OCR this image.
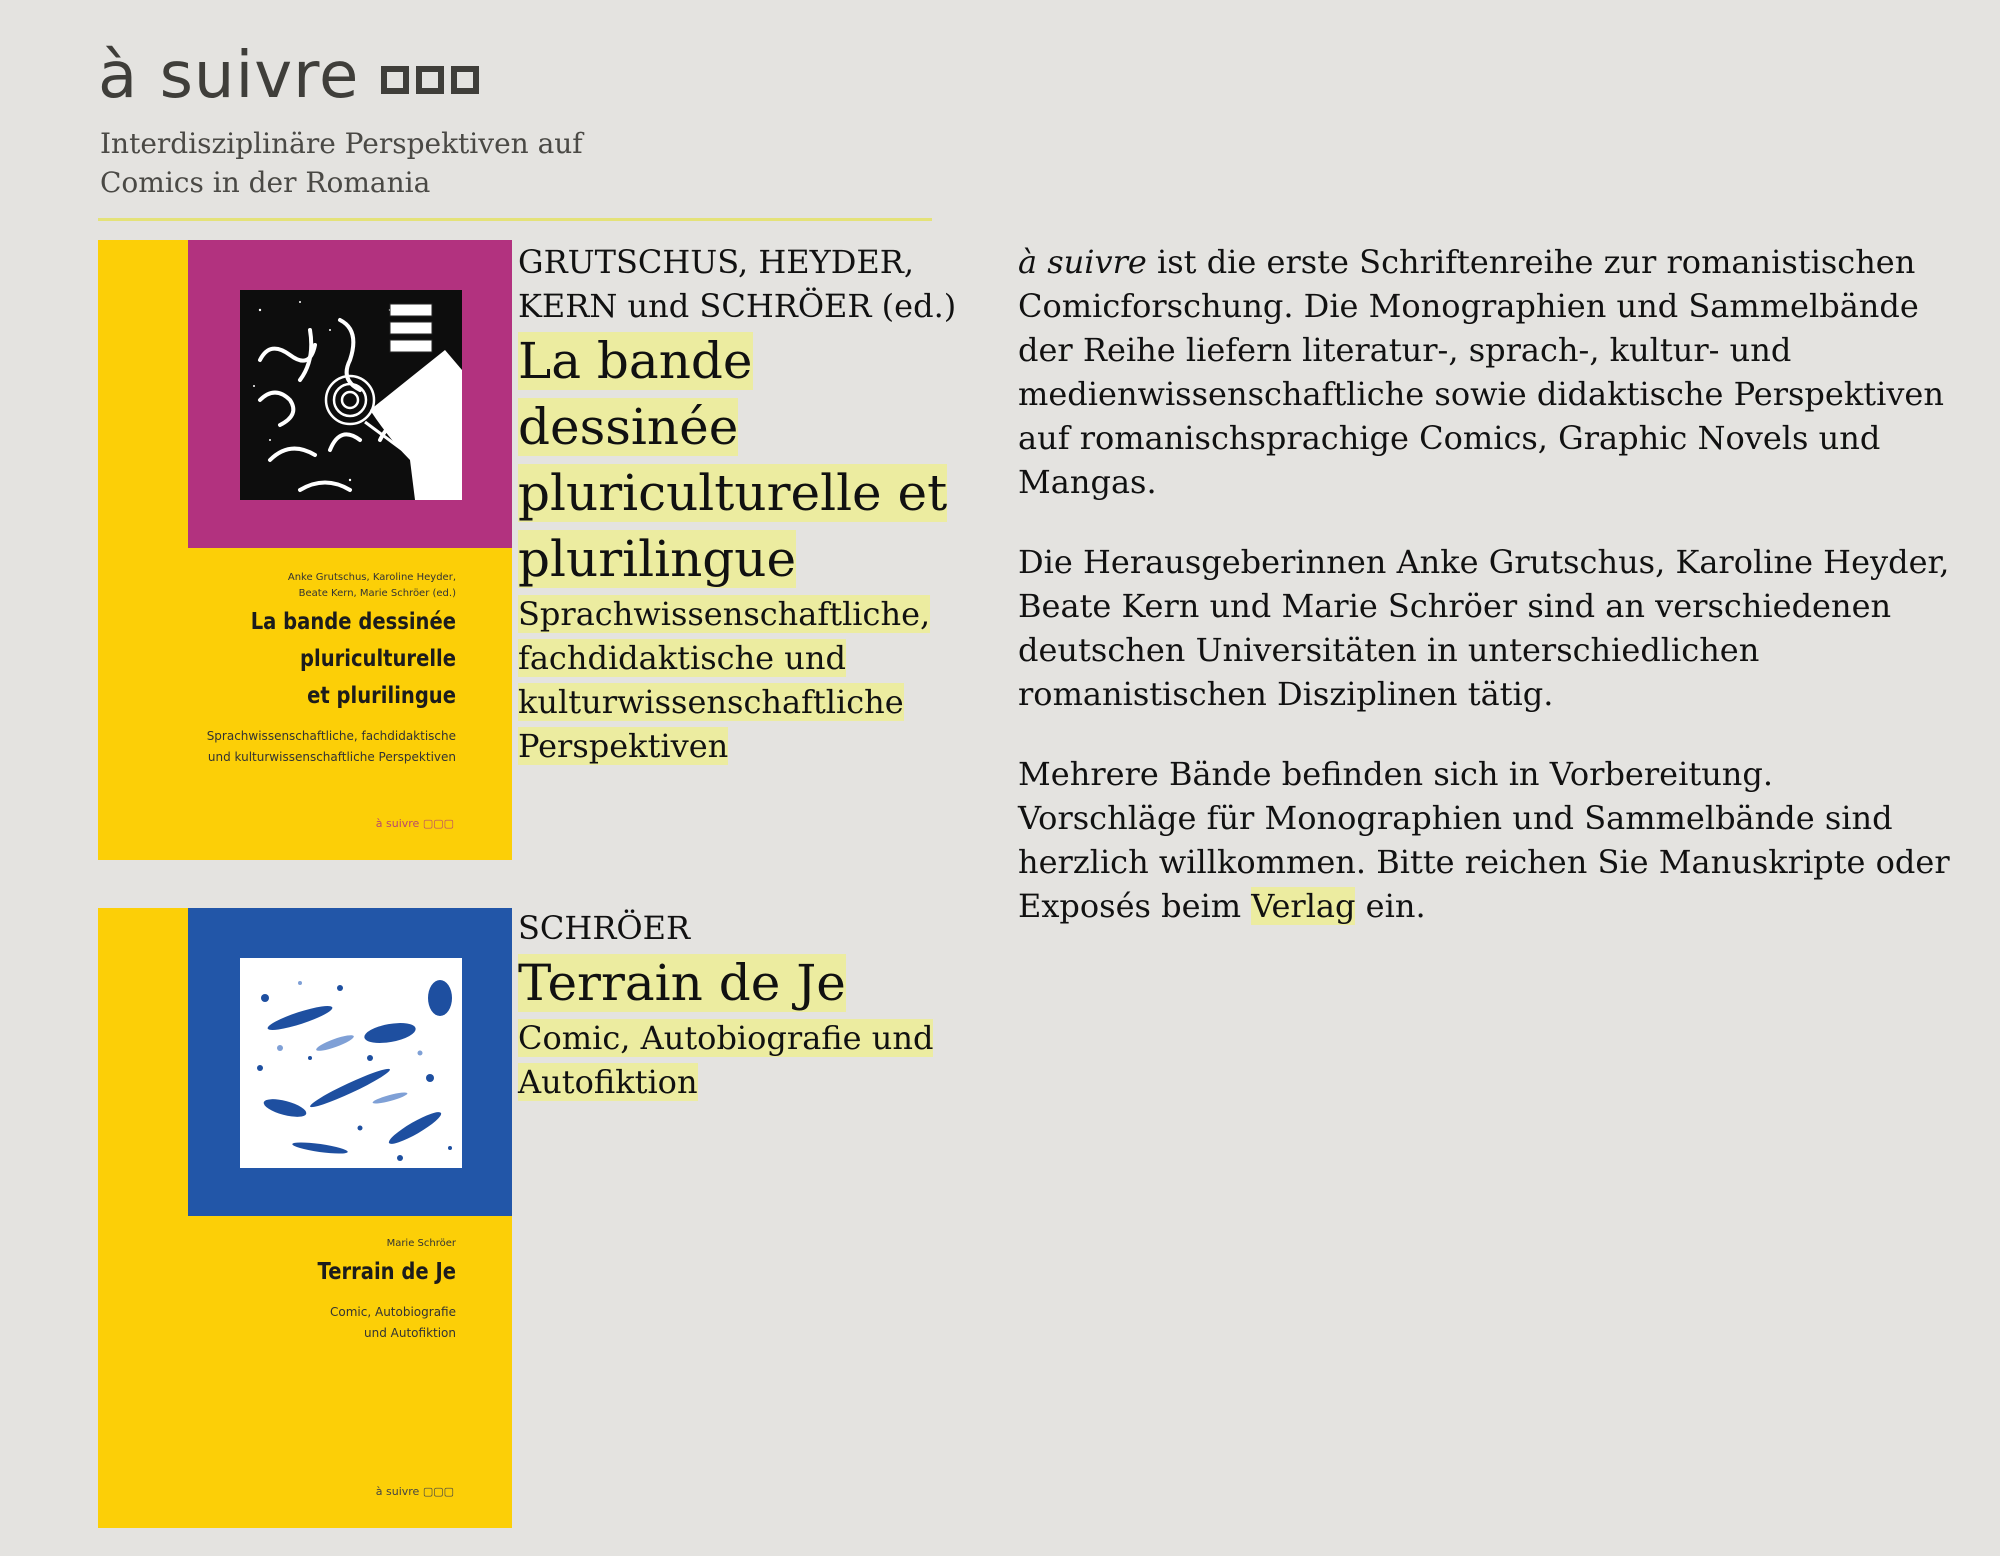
à suivre
Interdisziplinäre Perspektiven auf
Comics in der Romania
Anke Grutschus, Karoline Heyder,
Beate Kern, Marie Schröer (ed.)
La bande dessinée
pluriculturelle
et plurilingue
Sprachwissenschaftliche, fachdidaktische
und kulturwissenschaftliche Perspektiven
à suivre ▢▢▢
GRUTSCHUS, HEYDER,
KERN und SCHRÖER (ed.)
La bande dessinée pluriculturelle et plurilingue
Sprachwissenschaftliche, fachdidaktische und kulturwissenschaftliche Perspektiven
Marie Schröer
Terrain de Je
Comic, Autobiografie
und Autofiktion
à suivre ▢▢▢
SCHRÖER
Terrain de Je
Comic, Autobiografie und Autofiktion

à suivre ist die erste Schriftenreihe zur romanistischen Comicforschung. Die Monographien und Sammelbände der Reihe liefern literatur-, sprach-, kultur- und medienwissenschaftliche sowie didaktische Perspektiven auf romanischsprachige Comics, Graphic Novels und Mangas.

Die Herausgeberinnen Anke Grutschus, Karoline Heyder, Beate Kern und Marie Schröer sind an verschiedenen deutschen Universitäten in unterschiedlichen romanistischen Disziplinen tätig.

Mehrere Bände befinden sich in Vorbereitung. Vorschläge für Monographien und Sammelbände sind herzlich willkommen. Bitte reichen Sie Manuskripte oder Exposés beim Verlag ein.
